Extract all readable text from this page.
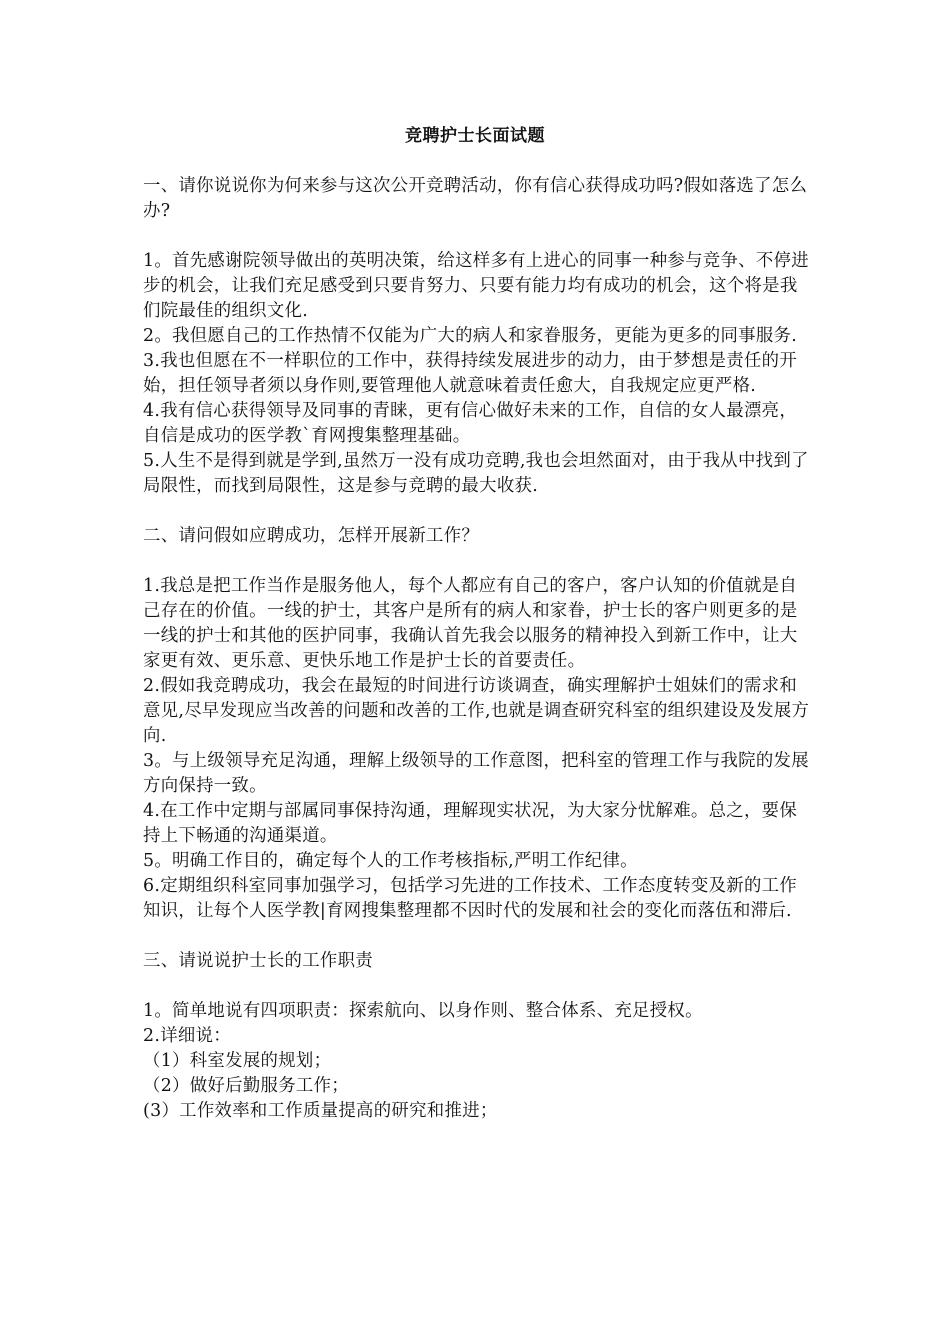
竞聘护士长面试题

一、请你说说你为何来参与这次公开竞聘活动，你有信心获得成功吗?假如落选了怎么办?

1。首先感谢院领导做出的英明决策，给这样多有上进心的同事一种参与竞争、不停进步的机会，让我们充足感受到只要肯努力、只要有能力均有成功的机会，这个将是我们院最佳的组织文化.

2。我但愿自己的工作热情不仅能为广大的病人和家眷服务，更能为更多的同事服务.

3.我也但愿在不一样职位的工作中，获得持续发展进步的动力，由于梦想是责任的开始，担任领导者须以身作则,要管理他人就意味着责任愈大，自我规定应更严格.

4.我有信心获得领导及同事的青睐，更有信心做好未来的工作，自信的女人最漂亮，自信是成功的医学教`育网搜集整理基础。

5.人生不是得到就是学到,虽然万一没有成功竞聘,我也会坦然面对，由于我从中找到了局限性，而找到局限性，这是参与竞聘的最大收获.

二、请问假如应聘成功，怎样开展新工作？

1.我总是把工作当作是服务他人，每个人都应有自己的客户，客户认知的价值就是自己存在的价值。一线的护士，其客户是所有的病人和家眷，护士长的客户则更多的是一线的护士和其他的医护同事，我确认首先我会以服务的精神投入到新工作中，让大家更有效、更乐意、更快乐地工作是护士长的首要责任。

2.假如我竞聘成功，我会在最短的时间进行访谈调查，确实理解护士姐妹们的需求和意见,尽早发现应当改善的问题和改善的工作,也就是调查研究科室的组织建设及发展方向.

3。与上级领导充足沟通，理解上级领导的工作意图，把科室的管理工作与我院的发展方向保持一致。

4.在工作中定期与部属同事保持沟通，理解现实状况，为大家分忧解难。总之，要保持上下畅通的沟通渠道。

5。明确工作目的，确定每个人的工作考核指标,严明工作纪律。

6.定期组织科室同事加强学习，包括学习先进的工作技术、工作态度转变及新的工作知识，让每个人医学教|育网搜集整理都不因时代的发展和社会的变化而落伍和滞后.

三、请说说护士长的工作职责

1。简单地说有四项职责：探索航向、以身作则、整合体系、充足授权。

2.详细说：

（1）科室发展的规划；

（2）做好后勤服务工作；

(3）工作效率和工作质量提高的研究和推进；
